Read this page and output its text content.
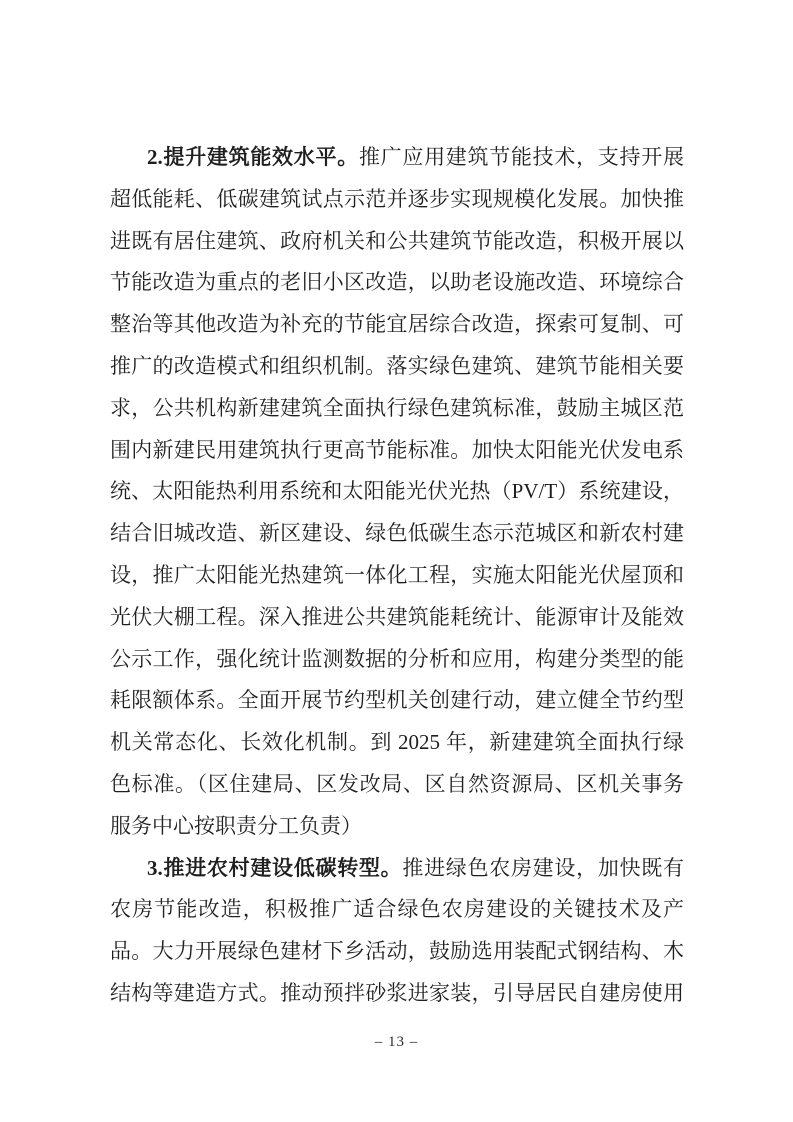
2.提升建筑能效水平。推广应用建筑节能技术，支持开展
超低能耗、低碳建筑试点示范并逐步实现规模化发展。加快推
进既有居住建筑、政府机关和公共建筑节能改造，积极开展以
节能改造为重点的老旧小区改造，以助老设施改造、环境综合
整治等其他改造为补充的节能宜居综合改造，探索可复制、可
推广的改造模式和组织机制。落实绿色建筑、建筑节能相关要
求，公共机构新建建筑全面执行绿色建筑标准，鼓励主城区范
围内新建民用建筑执行更高节能标准。加快太阳能光伏发电系
统、太阳能热利用系统和太阳能光伏光热（PV/T）系统建设，
结合旧城改造、新区建设、绿色低碳生态示范城区和新农村建
设，推广太阳能光热建筑一体化工程，实施太阳能光伏屋顶和
光伏大棚工程。深入推进公共建筑能耗统计、能源审计及能效
公示工作，强化统计监测数据的分析和应用，构建分类型的能
耗限额体系。全面开展节约型机关创建行动，建立健全节约型
机关常态化、长效化机制。到 2025 年，新建建筑全面执行绿
色标准。（区住建局、区发改局、区自然资源局、区机关事务
服务中心按职责分工负责）
3.推进农村建设低碳转型。推进绿色农房建设，加快既有
农房节能改造，积极推广适合绿色农房建设的关键技术及产
品。大力开展绿色建材下乡活动，鼓励选用装配式钢结构、木
结构等建造方式。推动预拌砂浆进家装，引导居民自建房使用
– 13 –
